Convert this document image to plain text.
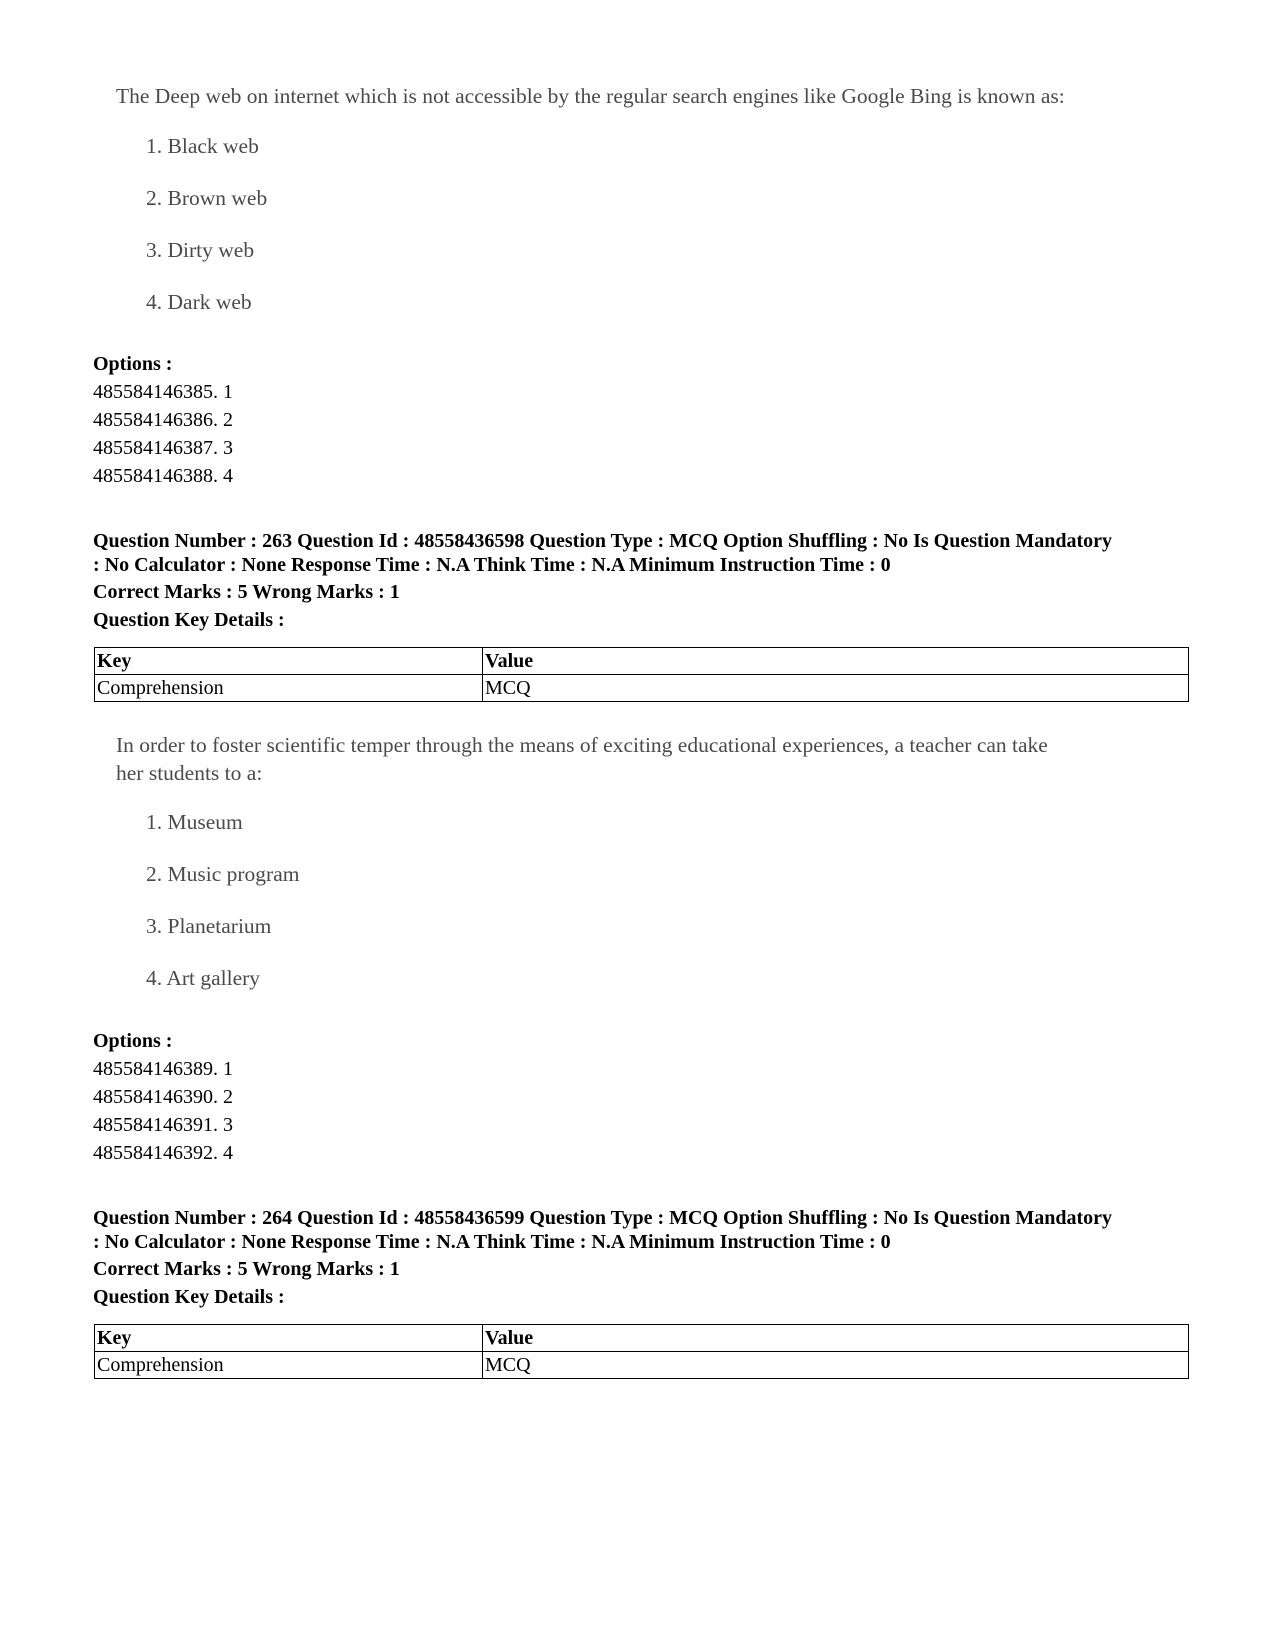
The Deep web on internet which is not accessible by the regular search engines like Google Bing is known as:

1. Black web
2. Brown web
3. Dirty web
4. Dark web
Options :
485584146385. 1
485584146386. 2
485584146387. 3
485584146388. 4
Question Number : 263 Question Id : 48558436598 Question Type : MCQ Option Shuffling : No Is Question Mandatory
: No Calculator : None Response Time : N.A Think Time : N.A Minimum Instruction Time : 0
Correct Marks : 5 Wrong Marks : 1
Question Key Details :
Key	Value
Comprehension	MCQ

In order to foster scientific temper through the means of exciting educational experiences, a teacher can take

her students to a:

1. Museum
2. Music program
3. Planetarium
4. Art gallery
Options :
485584146389. 1
485584146390. 2
485584146391. 3
485584146392. 4
Question Number : 264 Question Id : 48558436599 Question Type : MCQ Option Shuffling : No Is Question Mandatory
: No Calculator : None Response Time : N.A Think Time : N.A Minimum Instruction Time : 0
Correct Marks : 5 Wrong Marks : 1
Question Key Details :
Key	Value
Comprehension	MCQ
